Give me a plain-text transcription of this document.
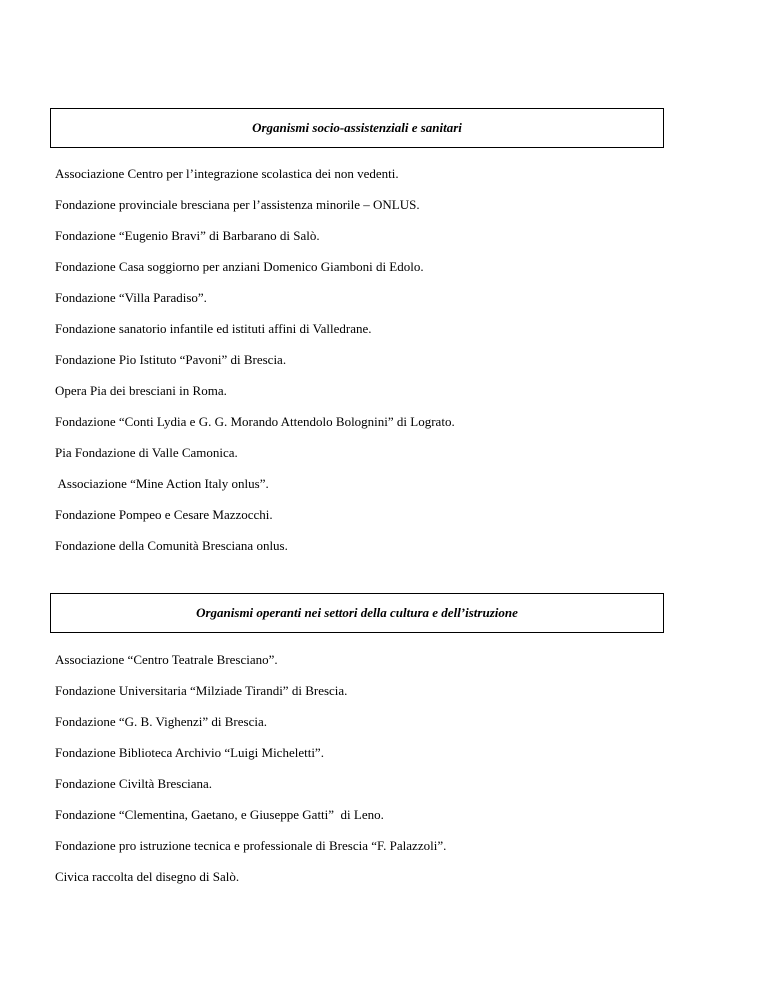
Organismi socio-assistenziali e sanitari
Associazione Centro per l’integrazione scolastica dei non vedenti.
Fondazione provinciale bresciana per l’assistenza minorile – ONLUS.
Fondazione “Eugenio Bravi” di Barbarano di Salò.
Fondazione Casa soggiorno per anziani Domenico Giamboni di Edolo.
Fondazione “Villa Paradiso”.
Fondazione sanatorio infantile ed istituti affini di Valledrane.
Fondazione Pio Istituto “Pavoni” di Brescia.
Opera Pia dei bresciani in Roma.
Fondazione “Conti Lydia e G. G. Morando Attendolo Bolognini” di Lograto.
Pia Fondazione di Valle Camonica.
Associazione “Mine Action Italy onlus”.
Fondazione Pompeo e Cesare Mazzocchi.
Fondazione della Comunità Bresciana onlus.
Organismi operanti nei settori della cultura e dell’istruzione
Associazione “Centro Teatrale Bresciano”.
Fondazione Universitaria “Milziade Tirandi” di Brescia.
Fondazione “G. B. Vighenzi” di Brescia.
Fondazione Biblioteca Archivio “Luigi Micheletti”.
Fondazione Civiltà Bresciana.
Fondazione “Clementina, Gaetano, e Giuseppe Gatti”  di Leno.
Fondazione pro istruzione tecnica e professionale di Brescia “F. Palazzoli”.
Civica raccolta del disegno di Salò.
